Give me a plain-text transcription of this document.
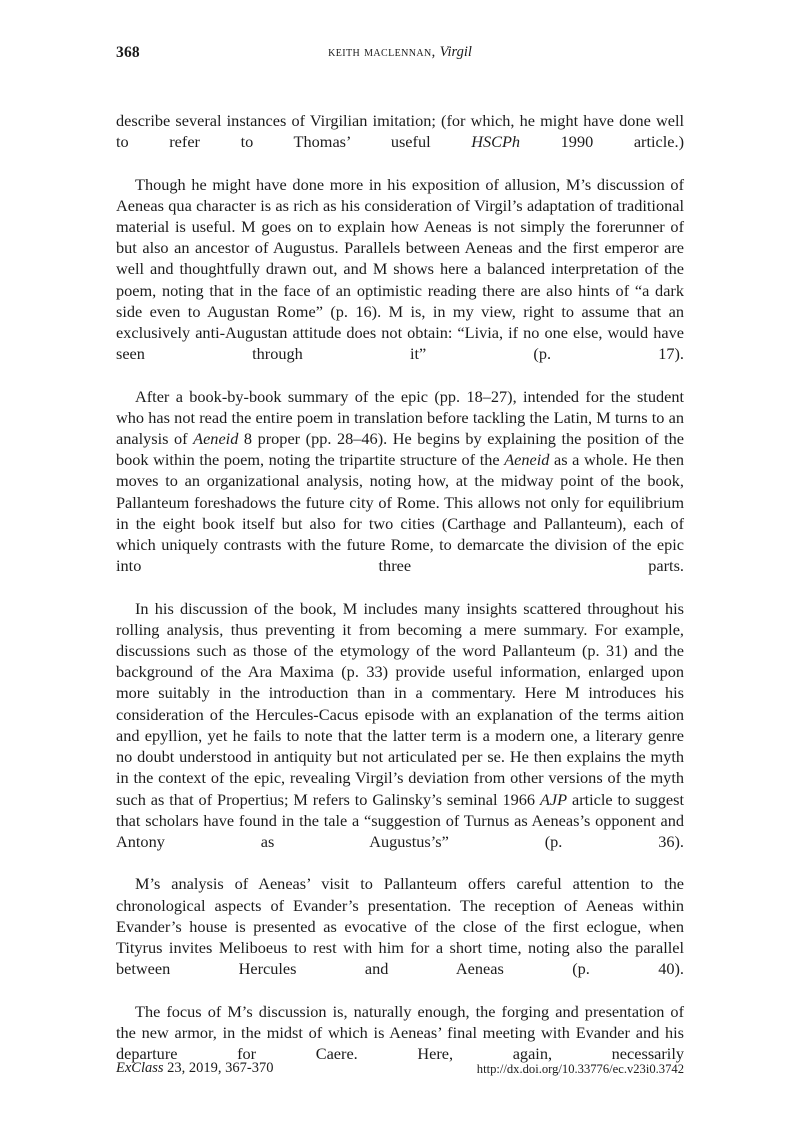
368	keith maclennan, Virgil

describe several instances of Virgilian imitation; (for which, he might have done well to refer to Thomas’ useful HSCPh 1990 article.)

Though he might have done more in his exposition of allusion, M’s discussion of Aeneas qua character is as rich as his consideration of Virgil’s adaptation of traditional material is useful. M goes on to explain how Aeneas is not simply the forerunner of but also an ancestor of Augustus. Parallels between Aeneas and the first emperor are well and thoughtfully drawn out, and M shows here a balanced interpretation of the poem, noting that in the face of an optimistic reading there are also hints of “a dark side even to Augustan Rome” (p. 16). M is, in my view, right to assume that an exclusively anti-Augustan attitude does not obtain: “Livia, if no one else, would have seen through it” (p. 17).

After a book-by-book summary of the epic (pp. 18–27), intended for the student who has not read the entire poem in translation before tackling the Latin, M turns to an analysis of Aeneid 8 proper (pp. 28–46). He begins by explaining the position of the book within the poem, noting the tripartite structure of the Aeneid as a whole. He then moves to an organizational analysis, noting how, at the midway point of the book, Pallanteum foreshadows the future city of Rome. This allows not only for equilibrium in the eight book itself but also for two cities (Carthage and Pallanteum), each of which uniquely contrasts with the future Rome, to demarcate the division of the epic into three parts.

In his discussion of the book, M includes many insights scattered throughout his rolling analysis, thus preventing it from becoming a mere summary. For example, discussions such as those of the etymology of the word Pallanteum (p. 31) and the background of the Ara Maxima (p. 33) provide useful information, enlarged upon more suitably in the introduction than in a commentary. Here M introduces his consideration of the Hercules-Cacus episode with an explanation of the terms aition and epyllion, yet he fails to note that the latter term is a modern one, a literary genre no doubt understood in antiquity but not articulated per se. He then explains the myth in the context of the epic, revealing Virgil’s deviation from other versions of the myth such as that of Propertius; M refers to Galinsky’s seminal 1966 AJP article to suggest that scholars have found in the tale a “suggestion of Turnus as Aeneas’s opponent and Antony as Augustus’s” (p. 36).

M’s analysis of Aeneas’ visit to Pallanteum offers careful attention to the chronological aspects of Evander’s presentation. The reception of Aeneas within Evander’s house is presented as evocative of the close of the first eclogue, when Tityrus invites Meliboeus to rest with him for a short time, noting also the parallel between Hercules and Aeneas (p. 40).

The focus of M’s discussion is, naturally enough, the forging and presentation of the new armor, in the midst of which is Aeneas’ final meeting with Evander and his departure for Caere. Here, again, necessarily

ExClass 23, 2019, 367-370	http://dx.doi.org/10.33776/ec.v23i0.3742
